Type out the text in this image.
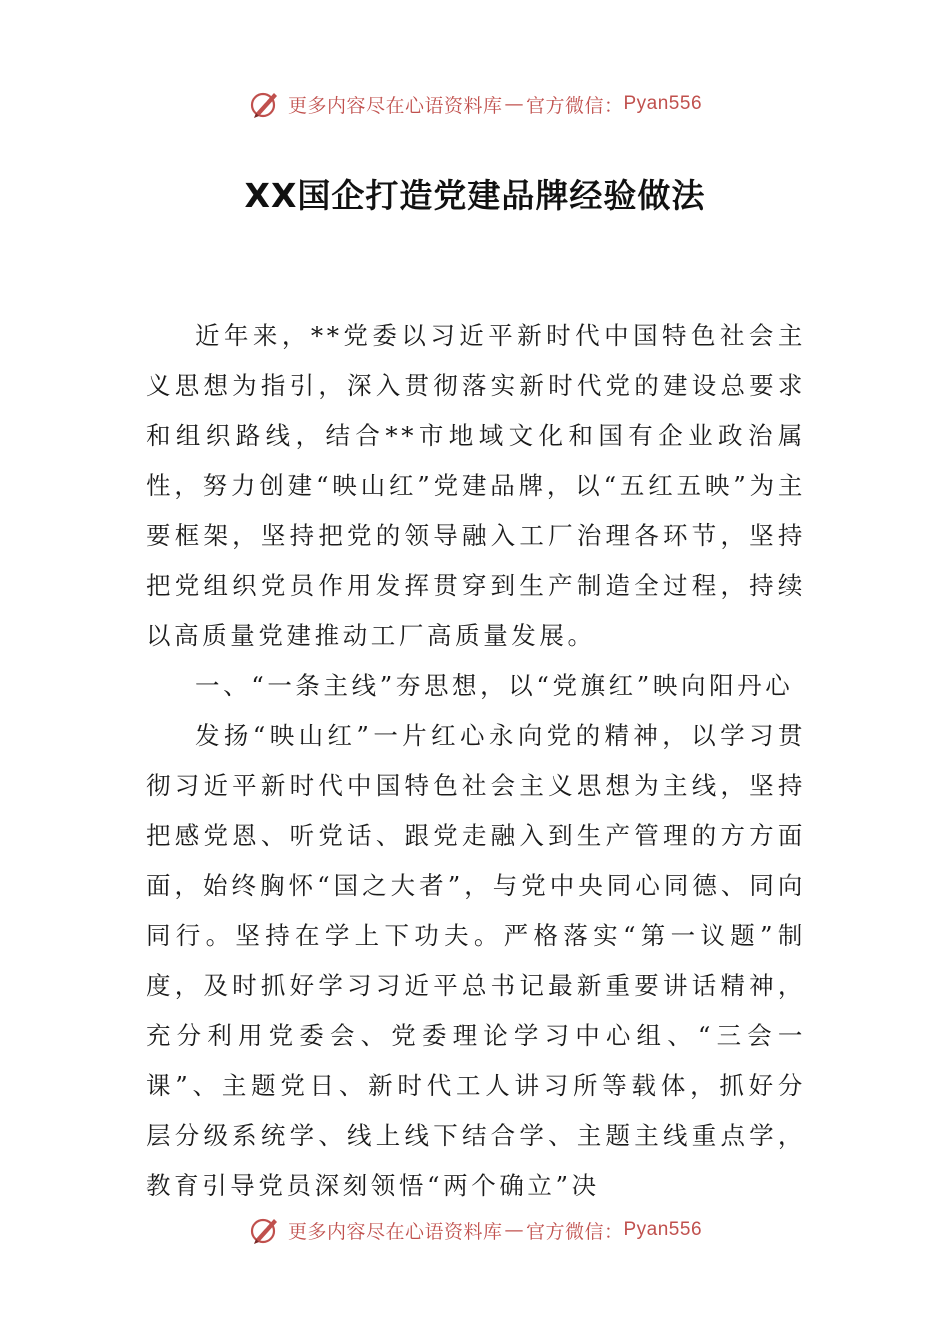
更多内容尽在心语资料库 — 官方微信： Pyan556
XX国企打造党建品牌经验做法

近年来，**党委以习近平新时代中国特色社会主义思想为指引，深入贯彻落实新时代党的建设总要求和组织路线，结合**市地域文化和国有企业政治属性，努力创建“映山红”党建品牌，以“五红五映”为主要框架，坚持把党的领导融入工厂治理各环节，坚持把党组织党员作用发挥贯穿到生产制造全过程，持续以高质量党建推动工厂高质量发展。

一、“一条主线”夯思想，以“党旗红”映向阳丹心

发扬“映山红”一片红心永向党的精神，以学习贯彻习近平新时代中国特色社会主义思想为主线，坚持把感党恩、听党话、跟党走融入到生产管理的方方面面，始终胸怀“国之大者”，与党中央同心同德、同向同行。坚持在学上下功夫。严格落实“第一议题”制度，及时抓好学习习近平总书记最新重要讲话精神，充分利用党委会、党委理论学习中心组、“三会一课”、主题党日、新时代工人讲习所等载体，抓好分层分级系统学、线上线下结合学、主题主线重点学，教育引导党员深刻领悟“两个确立”决

更多内容尽在心语资料库 — 官方微信： Pyan556
